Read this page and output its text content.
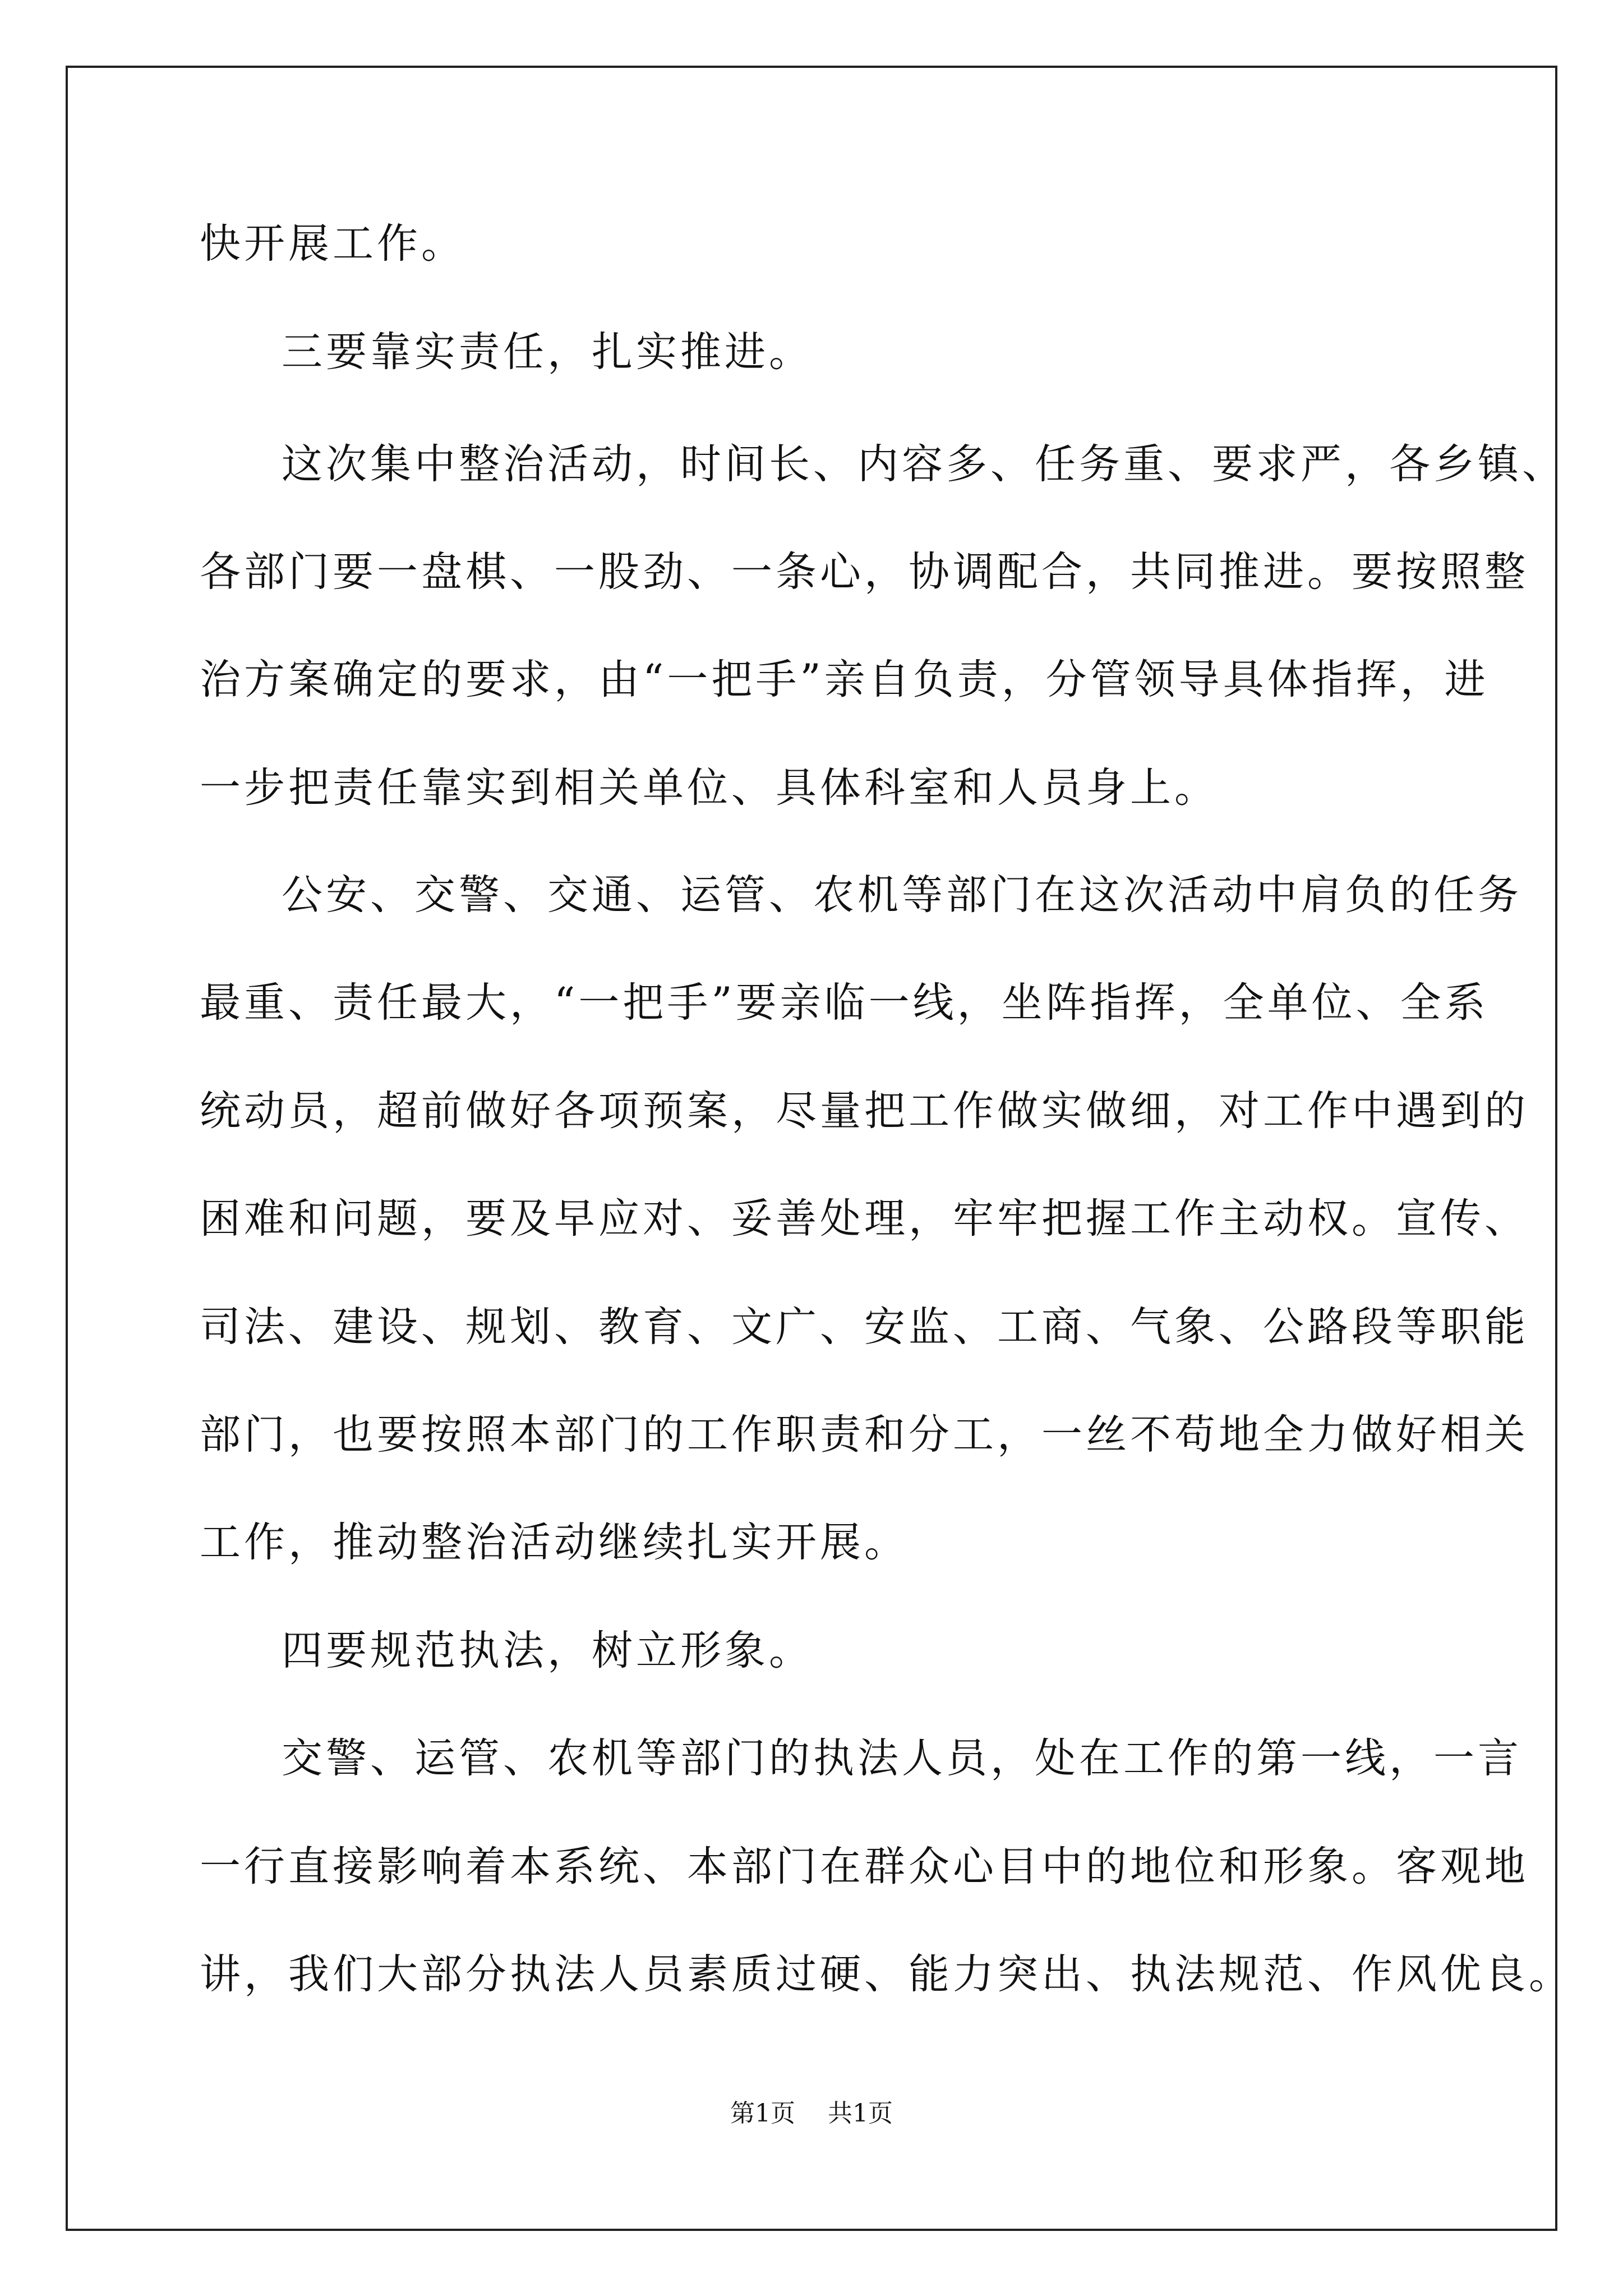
快开展工作。
三要靠实责任，扎实推进。
这次集中整治活动，时间长、内容多、任务重、要求严，各乡镇、
各部门要一盘棋、一股劲、一条心，协调配合，共同推进。要按照整
治方案确定的要求，由“一把手”亲自负责，分管领导具体指挥，进
一步把责任靠实到相关单位、具体科室和人员身上。
公安、交警、交通、运管、农机等部门在这次活动中肩负的任务
最重、责任最大，“一把手”要亲临一线，坐阵指挥，全单位、全系
统动员，超前做好各项预案，尽量把工作做实做细，对工作中遇到的
困难和问题，要及早应对、妥善处理，牢牢把握工作主动权。宣传、
司法、建设、规划、教育、文广、安监、工商、气象、公路段等职能
部门，也要按照本部门的工作职责和分工，一丝不苟地全力做好相关
工作，推动整治活动继续扎实开展。
四要规范执法，树立形象。
交警、运管、农机等部门的执法人员，处在工作的第一线，一言
一行直接影响着本系统、本部门在群众心目中的地位和形象。客观地
讲，我们大部分执法人员素质过硬、能力突出、执法规范、作风优良。
第1页 共1页
